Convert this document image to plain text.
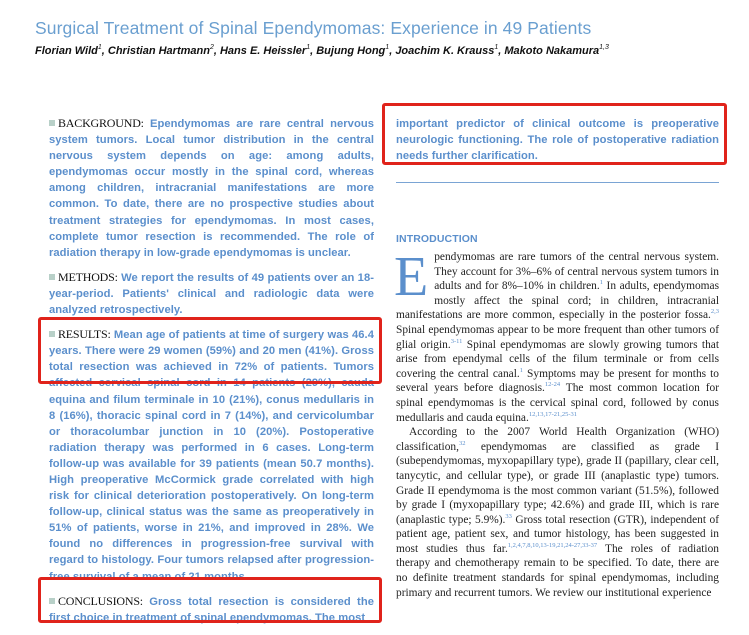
Surgical Treatment of Spinal Ependymomas: Experience in 49 Patients
Florian Wild$^1$, Christian Hartmann$^2$, Hans E. Heissler$^1$, Bujung Hong$^1$, Joachim K. Krauss$^1$, Makoto Nakamura$^{1,3}$

BACKGROUND: Ependymomas are rare central nervous system tumors. Local tumor distribution in the central nervous system depends on age: among adults, ependymomas occur mostly in the spinal cord, whereas among children, intracranial manifestations are more common. To date, there are no prospective studies about treatment strategies for ependymomas. In most cases, complete tumor resection is recommended. The role of radiation therapy in low-grade ependymomas is unclear.

METHODS: We report the results of 49 patients over an 18-year-period. Patients' clinical and radiologic data were analyzed retrospectively.

RESULTS: Mean age of patients at time of surgery was 46.4 years. There were 29 women (59%) and 20 men (41%). Gross total resection was achieved in 72% of patients. Tumors affected cervical spinal cord in 14 patients (29%), cauda equina and filum terminale in 10 (21%), conus medullaris in 8 (16%), thoracic spinal cord in 7 (14%), and cervicolumbar or thoracolumbar junction in 10 (20%). Postoperative radiation therapy was performed in 6 cases. Long-term follow-up was available for 39 patients (mean 50.7 months). High preoperative McCormick grade correlated with high risk for clinical deterioration postoperatively. On long-term follow-up, clinical status was the same as preoperatively in 51% of patients, worse in 21%, and improved in 28%. We found no differences in progression-free survival with regard to histology. Four tumors relapsed after progression-free survival of a mean of 21 months.

CONCLUSIONS: Gross total resection is considered the first choice in treatment of spinal ependymomas. The most

important predictor of clinical outcome is preoperative neurologic functioning. The role of postoperative radiation needs further clarification.

INTRODUCTION

Ependymomas are rare tumors of the central nervous system. They account for 3%–6% of central nervous system tumors in adults and for 8%–10% in children.$^1$ In adults, ependymomas mostly affect the spinal cord; in children, intracranial manifestations are more common, especially in the posterior fossa.$^{2,3}$ Spinal ependymomas appear to be more frequent than other tumors of glial origin.$^{3-11}$ Spinal ependymomas are slowly growing tumors that arise from ependymal cells of the filum terminale or from cells covering the central canal.$^1$ Symptoms may be present for months to several years before diagnosis.$^{12-24}$ The most common location for spinal ependymomas is the cervical spinal cord, followed by conus medullaris and cauda equina.$^{12,13,17-21,25-31}$

According to the 2007 World Health Organization (WHO) classification,$^{32}$ ependymomas are classified as grade I (subependymomas, myxopapillary type), grade II (papillary, clear cell, tanycytic, and cellular type), or grade III (anaplastic type) tumors. Grade II ependymoma is the most common variant (51.5%), followed by grade I (myxopapillary type; 42.6%) and grade III, which is rare (anaplastic type; 5.9%).$^{33}$ Gross total resection (GTR), independent of patient age, patient sex, and tumor histology, has been suggested in most studies thus far.$^{1,2,4,7,8,10,13-19,21,24-27,33-37}$ The roles of radiation therapy and chemotherapy remain to be specified. To date, there are no definite treatment standards for spinal ependymomas, including primary and recurrent tumors. We review our institutional experience
